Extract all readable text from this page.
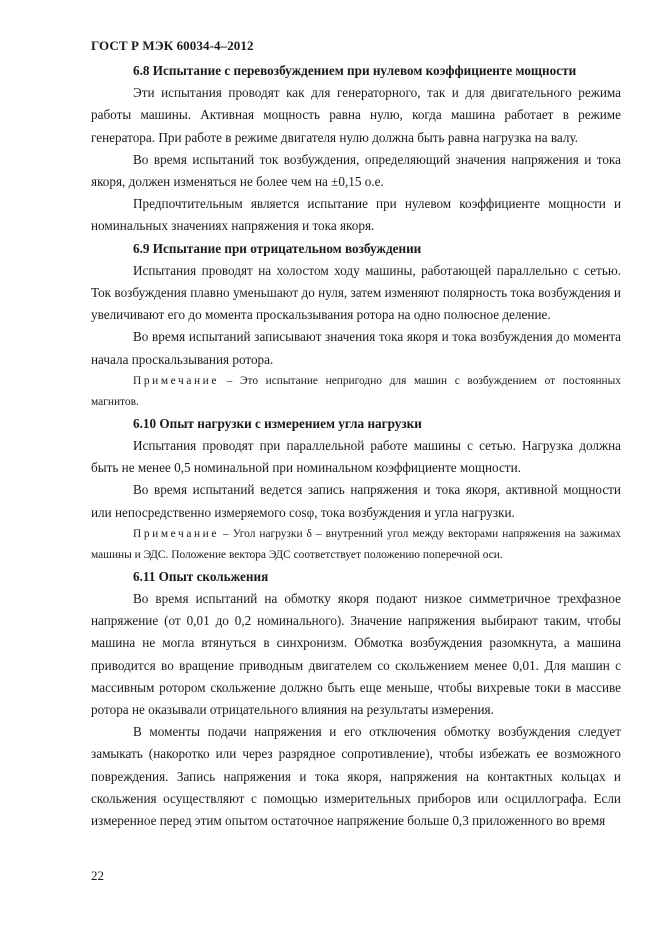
ГОСТ Р МЭК 60034-4–2012
6.8 Испытание с перевозбуждением при нулевом коэффициенте мощности

Эти испытания проводят как для генераторного, так и для двигательного режима работы машины. Активная мощность равна нулю, когда машина работает в режиме генератора. При работе в режиме двигателя нулю должна быть равна нагрузка на валу.

Во время испытаний ток возбуждения, определяющий значения напряжения и тока якоря, должен изменяться не более чем на ±0,15 о.е.

Предпочтительным является испытание при нулевом коэффициенте мощности и номинальных значениях напряжения и тока якоря.

6.9 Испытание при отрицательном возбуждении

Испытания проводят на холостом ходу машины, работающей параллельно с сетью. Ток возбуждения плавно уменьшают до нуля, затем изменяют полярность тока возбуждения и увеличивают его до момента проскальзывания ротора на одно полюсное деление.

Во время испытаний записывают значения тока якоря и тока возбуждения до момента начала проскальзывания ротора.

Примечание – Это испытание непригодно для машин с возбуждением от постоянных магнитов.
6.10 Опыт нагрузки с измерением угла нагрузки

Испытания проводят при параллельной работе машины с сетью. Нагрузка должна быть не менее 0,5 номинальной при номинальном коэффициенте мощности.

Во время испытаний ведется запись напряжения и тока якоря, активной мощности или непосредственно измеряемого cosφ, тока возбуждения и угла нагрузки.

Примечание – Угол нагрузки δ – внутренний угол между векторами напряжения на зажимах машины и ЭДС. Положение вектора ЭДС соответствует положению поперечной оси.
6.11 Опыт скольжения

Во время испытаний на обмотку якоря подают низкое симметричное трехфазное напряжение (от 0,01 до 0,2 номинального). Значение напряжения выбирают таким, чтобы машина не могла втянуться в синхронизм. Обмотка возбуждения разомкнута, а машина приводится во вращение приводным двигателем со скольжением менее 0,01. Для машин с массивным ротором скольжение должно быть еще меньше, чтобы вихревые токи в массиве ротора не оказывали отрицательного влияния на результаты измерения.

В моменты подачи напряжения и его отключения обмотку возбуждения следует замыкать (накоротко или через разрядное сопротивление), чтобы избежать ее возможного повреждения. Запись напряжения и тока якоря, напряжения на контактных кольцах и скольжения осуществляют с помощью измерительных приборов или осциллографа. Если измеренное перед этим опытом остаточное напряжение больше 0,3 приложенного во время

22
